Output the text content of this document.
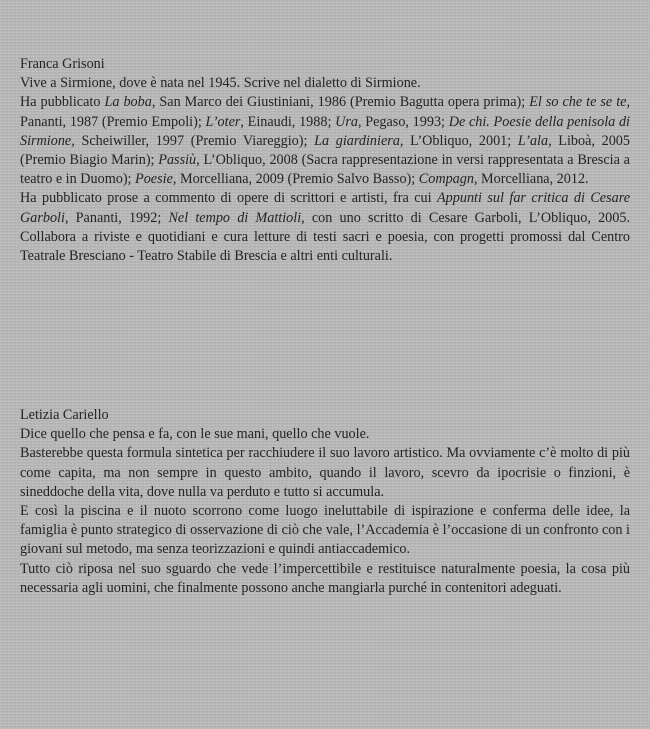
Franca Grisoni

Vive a Sirmione, dove è nata nel 1945. Scrive nel dialetto di Sirmione.

Ha pubblicato La boba, San Marco dei Giustiniani, 1986 (Premio Bagutta opera prima); El so che te se te, Pananti, 1987 (Premio Empoli); L’oter, Einaudi, 1988; Ura, Pegaso, 1993; De chi. Poesie della penisola di Sirmione, Scheiwiller, 1997 (Premio Viareggio); La giardiniera, L’Obliquo, 2001; L’ala, Liboà, 2005 (Premio Biagio Marin); Passiù, L’Obliquo, 2008 (Sacra rappresentazione in versi rappresentata a Brescia a teatro e in Duomo); Poesie, Morcelliana, 2009 (Premio Salvo Basso); Compagn, Morcelliana, 2012.

Ha pubblicato prose a commento di opere di scrittori e artisti, fra cui Appunti sul far critica di Cesare Garboli, Pananti, 1992; Nel tempo di Mattioli, con uno scritto di Cesare Garboli, L’Obliquo, 2005. Collabora a riviste e quotidiani e cura letture di testi sacri e poesia, con progetti promossi dal Centro Teatrale Bresciano - Teatro Stabile di Brescia e altri enti culturali.

Letizia Cariello

Dice quello che pensa e fa, con le sue mani, quello che vuole.

Basterebbe questa formula sintetica per racchiudere il suo lavoro artistico. Ma ovviamente c’è molto di più come capita, ma non sempre in questo ambito, quando il lavoro, scevro da ipocrisie o finzioni, è sineddoche della vita, dove nulla va perduto e tutto si accumula.

E così la piscina e il nuoto scorrono come luogo ineluttabile di ispirazione e conferma delle idee, la famiglia è punto strategico di osservazione di ciò che vale, l’Accademia è l’occasione di un confronto con i giovani sul metodo, ma senza teorizzazioni e quindi antiaccademico.

Tutto ciò riposa nel suo sguardo che vede l’impercettibile e restituisce naturalmente poesia, la cosa più necessaria agli uomini, che finalmente possono anche mangiarla purché in contenitori adeguati.
